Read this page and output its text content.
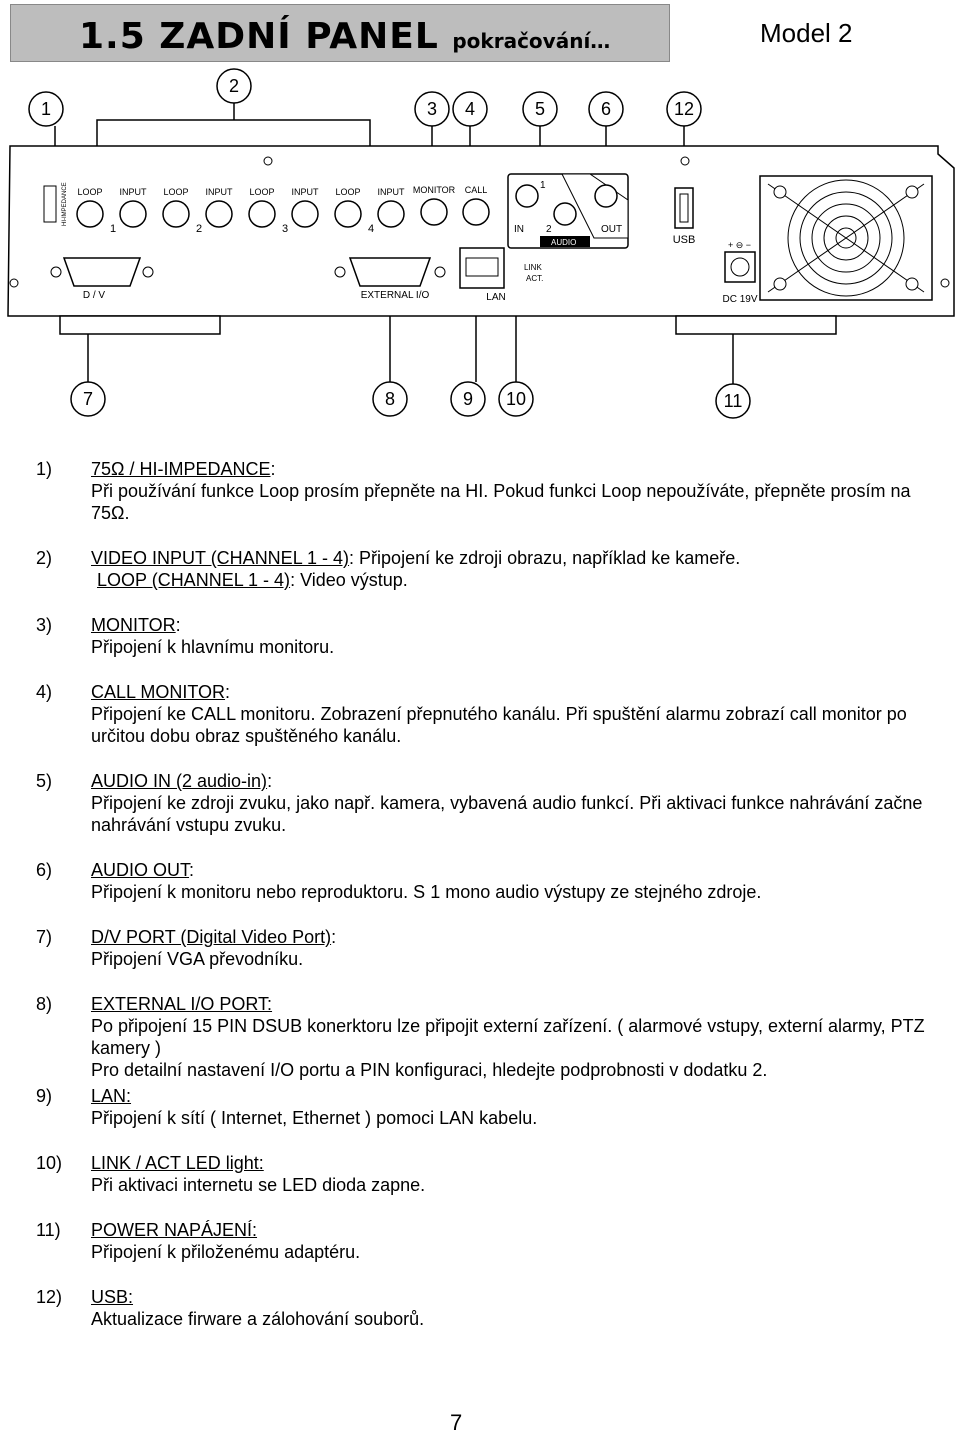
1.5 ZADNÍ PANEL pokračování…	Model 2
HI-IMPEDANCE LOOP INPUT LOOP INPUT LOOP INPUT LOOP INPUT MONITOR CALL
1	2	3	4
1
2
IN	OUT
AUDIO	USB
D / V	EXTERNAL I/O	LAN
LINK
ACT.
+ ⊖ −
DC 19V
1
2
3 4	5	6	12
7	8	9 10	11
1)	75Ω / HI-IMPEDANCE:
Při používání funkce Loop prosím přepněte na HI. Pokud funkci Loop nepoužíváte, přepněte prosím na 75Ω.
2)	VIDEO INPUT (CHANNEL 1 - 4): Připojení ke zdroji obrazu, například ke kameře.
LOOP (CHANNEL 1 - 4): Video výstup.
3)	MONITOR:
Připojení k hlavnímu monitoru.
4)	CALL MONITOR:
Připojení ke CALL monitoru. Zobrazení přepnutého kanálu. Při spuštění alarmu zobrazí call monitor po určitou dobu obraz spuštěného kanálu.
5)	AUDIO IN (2 audio-in):
Připojení ke zdroji zvuku, jako např. kamera, vybavená audio funkcí. Při aktivaci funkce nahrávání začne nahrávání vstupu zvuku.
6)	AUDIO OUT:
Připojení k monitoru nebo reproduktoru. S 1 mono audio výstupy ze stejného zdroje.
7)	D/V PORT (Digital Video Port):
Připojení VGA převodníku.
8)	EXTERNAL I/O PORT:
Po připojení 15 PIN DSUB konerktoru lze připojit externí zařízení. ( alarmové vstupy, externí alarmy, PTZ kamery )
Pro detailní nastavení I/O portu a PIN konfiguraci, hledejte podprobnosti v dodatku 2.
9)	LAN:
Připojení k sítí ( Internet, Ethernet ) pomoci LAN kabelu.
10)	LINK / ACT LED light:
Při aktivaci internetu se LED dioda zapne.
11)	POWER NAPÁJENÍ:
Připojení k přiloženému adaptéru.
12)	USB:
Aktualizace firware a zálohování souborů.
7
